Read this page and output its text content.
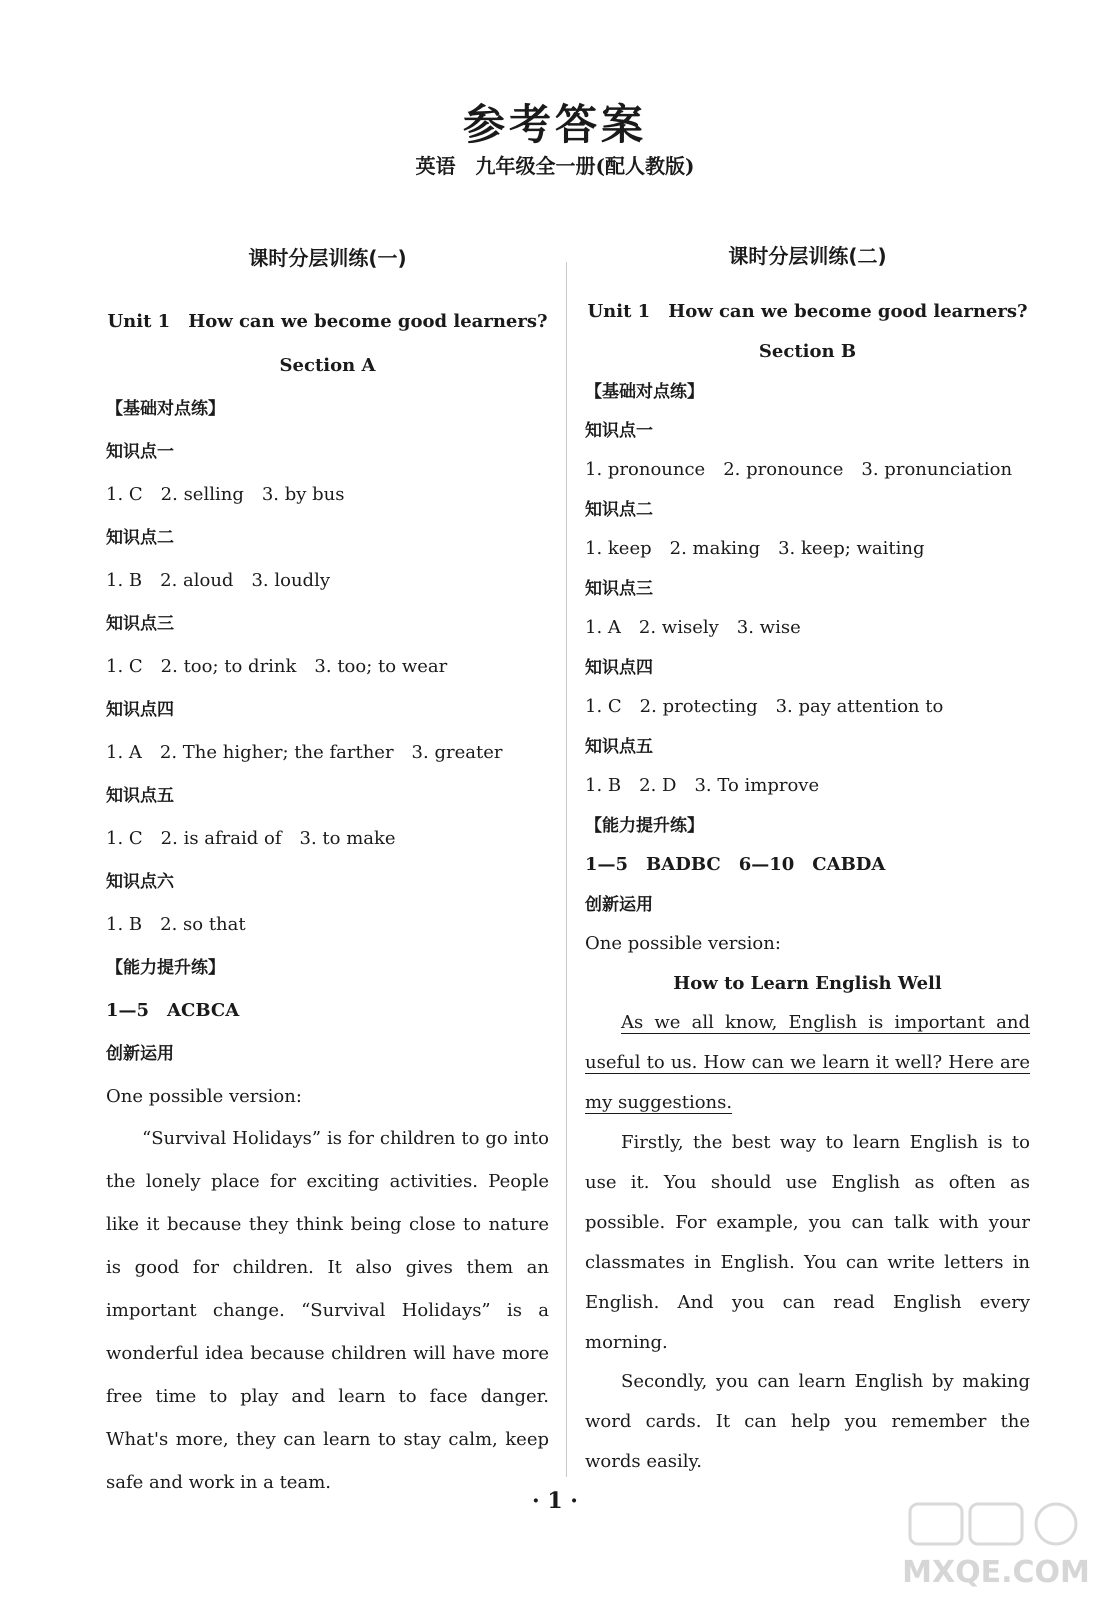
参考答案

英语　九年级全一册(配人教版)

课时分层训练(一)

Unit 1　How can we become good learners?

Section A

【基础对点练】

知识点一

1. C　2. selling　3. by bus

知识点二

1. B　2. aloud　3. loudly

知识点三

1. C　2. too; to drink　3. too; to wear

知识点四

1. A　2. The higher; the farther　3. greater

知识点五

1. C　2. is afraid of　3. to make

知识点六

1. B　2. so that

【能力提升练】

1—5　ACBCA

创新运用

One possible version:

“Survival Holidays” is for children to go into the lonely place for exciting activities. People like it because they think being close to nature is good for children. It also gives them an important change. “Survival Holidays” is a wonderful idea because children will have more free time to play and learn to face danger. What's more, they can learn to stay calm, keep safe and work in a team.

课时分层训练(二)

Unit 1　How can we become good learners?

Section B

【基础对点练】

知识点一

1. pronounce　2. pronounce　3. pronunciation

知识点二

1. keep　2. making　3. keep; waiting

知识点三

1. A　2. wisely　3. wise

知识点四

1. C　2. protecting　3. pay attention to

知识点五

1. B　2. D　3. To improve

【能力提升练】

1—5　BADBC　6—10　CABDA

创新运用

One possible version:

How to Learn English Well

As we all know, English is important and useful to us. How can we learn it well? Here are my suggestions.

Firstly, the best way to learn English is to use it. You should use English as often as possible. For example, you can talk with your classmates in English. You can write letters in English. And you can read English every morning.

Secondly, you can learn English by making word cards. It can help you remember the words easily.

· 1 ·

MXQE.COM
